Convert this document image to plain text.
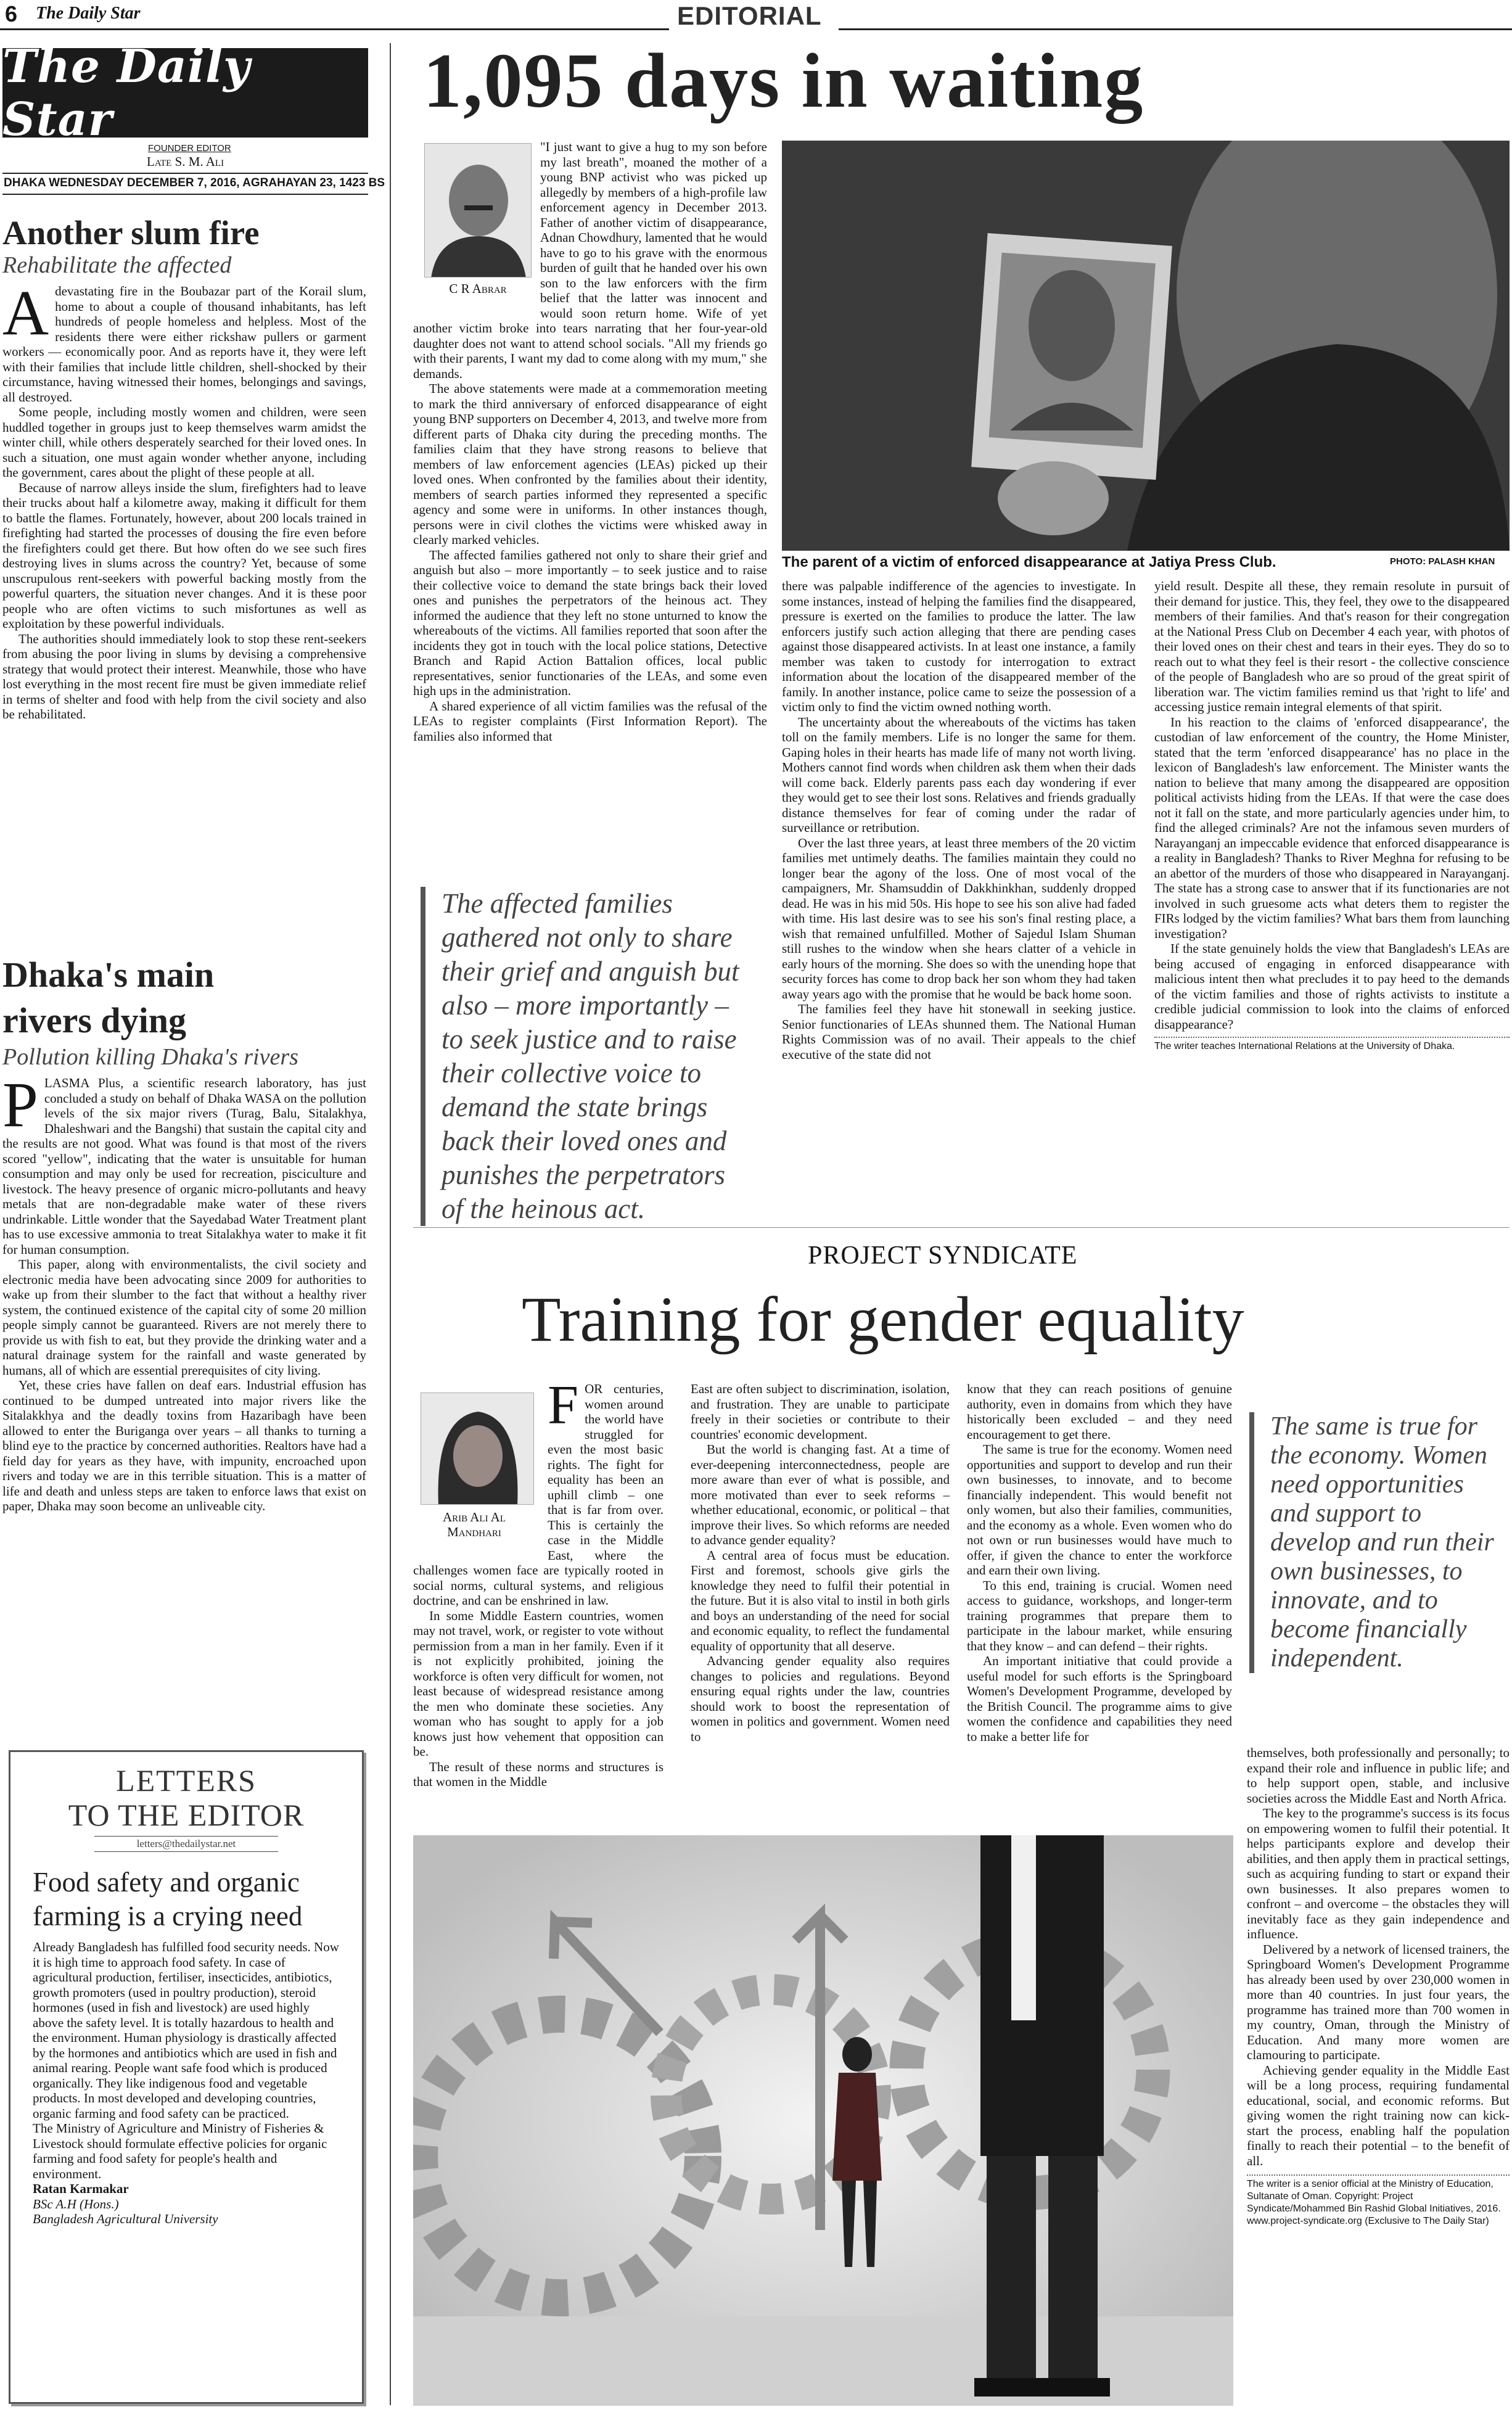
6 The Daily Star	EDITORIAL
The Daily Star
FOUNDER EDITOR
Late S. M. Ali
DHAKA WEDNESDAY DECEMBER 7, 2016, AGRAHAYAN 23, 1423 BS
Another slum fire
Rehabilitate the affected

Adevastating fire in the Boubazar part of the Korail slum, home to about a couple of thousand inhabitants, has left hundreds of people homeless and helpless. Most of the residents there were either rickshaw pullers or garment workers — economically poor. And as reports have it, they were left with their families that include little children, shell-shocked by their circumstance, having witnessed their homes, belongings and savings, all destroyed.

Some people, including mostly women and children, were seen huddled together in groups just to keep themselves warm amidst the winter chill, while others desperately searched for their loved ones. In such a situation, one must again wonder whether anyone, including the government, cares about the plight of these people at all.

Because of narrow alleys inside the slum, firefighters had to leave their trucks about half a kilometre away, making it difficult for them to battle the flames. Fortunately, however, about 200 locals trained in firefighting had started the processes of dousing the fire even before the firefighters could get there. But how often do we see such fires destroying lives in slums across the country? Yet, because of some unscrupulous rent-seekers with powerful backing mostly from the powerful quarters, the situation never changes. And it is these poor people who are often victims to such misfortunes as well as exploitation by these powerful individuals.

The authorities should immediately look to stop these rent-seekers from abusing the poor living in slums by devising a comprehensive strategy that would protect their interest. Meanwhile, those who have lost everything in the most recent fire must be given immediate relief in terms of shelter and food with help from the civil society and also be rehabilitated.

Dhaka's main rivers dying
Pollution killing Dhaka's rivers

PLASMA Plus, a scientific research laboratory, has just concluded a study on behalf of Dhaka WASA on the pollution levels of the six major rivers (Turag, Balu, Sitalakhya, Dhaleshwari and the Bangshi) that sustain the capital city and the results are not good. What was found is that most of the rivers scored "yellow", indicating that the water is unsuitable for human consumption and may only be used for recreation, pisciculture and livestock. The heavy presence of organic micro-pollutants and heavy metals that are non-degradable make water of these rivers undrinkable. Little wonder that the Sayedabad Water Treatment plant has to use excessive ammonia to treat Sitalakhya water to make it fit for human consumption.

This paper, along with environmentalists, the civil society and electronic media have been advocating since 2009 for authorities to wake up from their slumber to the fact that without a healthy river system, the continued existence of the capital city of some 20 million people simply cannot be guaranteed. Rivers are not merely there to provide us with fish to eat, but they provide the drinking water and a natural drainage system for the rainfall and waste generated by humans, all of which are essential prerequisites of city living.

Yet, these cries have fallen on deaf ears. Industrial effusion has continued to be dumped untreated into major rivers like the Sitalakkhya and the deadly toxins from Hazaribagh have been allowed to enter the Buriganga over years – all thanks to turning a blind eye to the practice by concerned authorities. Realtors have had a field day for years as they have, with impunity, encroached upon rivers and today we are in this terrible situation. This is a matter of life and death and unless steps are taken to enforce laws that exist on paper, Dhaka may soon become an unliveable city.

LETTERS
TO THE EDITOR
letters@thedailystar.net
Food safety and organic farming is a crying need

Already Bangladesh has fulfilled food security needs. Now it is high time to approach food safety. In case of agricultural production, fertiliser, insecticides, antibiotics, growth promoters (used in poultry production), steroid hormones (used in fish and livestock) are used highly above the safety level. It is totally hazardous to health and the environment. Human physiology is drastically affected by the hormones and antibiotics which are used in fish and animal rearing. People want safe food which is produced organically. They like indigenous food and vegetable products. In most developed and developing countries, organic farming and food safety can be practiced.

The Ministry of Agriculture and Ministry of Fisheries & Livestock should formulate effective policies for organic farming and food safety for people's health and environment.

Ratan Karmakar
BSc A.H (Hons.)
Bangladesh Agricultural University
1,095 days in waiting
C R Abrar

"I just want to give a hug to my son before my last breath", moaned the mother of a young BNP activist who was picked up allegedly by members of a high-profile law enforcement agency in December 2013. Father of another victim of disappearance, Adnan Chowdhury, lamented that he would have to go to his grave with the enormous burden of guilt that he handed over his own son to the law enforcers with the firm belief that the latter was innocent and would soon return home. Wife of yet another victim broke into tears narrating that her four-year-old daughter does not want to attend school socials. "All my friends go with their parents, I want my dad to come along with my mum," she demands.

The above statements were made at a commemoration meeting to mark the third anniversary of enforced disappearance of eight young BNP supporters on December 4, 2013, and twelve more from different parts of Dhaka city during the preceding months. The families claim that they have strong reasons to believe that members of law enforcement agencies (LEAs) picked up their loved ones. When confronted by the families about their identity, members of search parties informed they represented a specific agency and some were in uniforms. In other instances though, persons were in civil clothes the victims were whisked away in clearly marked vehicles.

The affected families gathered not only to share their grief and anguish but also – more importantly – to seek justice and to raise their collective voice to demand the state brings back their loved ones and punishes the perpetrators of the heinous act. They informed the audience that they left no stone unturned to know the whereabouts of the victims. All families reported that soon after the incidents they got in touch with the local police stations, Detective Branch and Rapid Action Battalion offices, local public representatives, senior functionaries of the LEAs, and some even high ups in the administration.

A shared experience of all victim families was the refusal of the LEAs to register complaints (First Information Report). The families also informed that

The affected families gathered not only to share their grief and anguish but also – more importantly – to seek justice and to raise their collective voice to demand the state brings back their loved ones and punishes the perpetrators of the heinous act.
The parent of a victim of enforced disappearance at Jatiya Press Club.	PHOTO: PALASH KHAN

there was palpable indifference of the agencies to investigate. In some instances, instead of helping the families find the disappeared, pressure is exerted on the families to produce the latter. The law enforcers justify such action alleging that there are pending cases against those disappeared activists. In at least one instance, a family member was taken to custody for interrogation to extract information about the location of the disappeared member of the family. In another instance, police came to seize the possession of a victim only to find the victim owned nothing worth.

The uncertainty about the whereabouts of the victims has taken toll on the family members. Life is no longer the same for them. Gaping holes in their hearts has made life of many not worth living. Mothers cannot find words when children ask them when their dads will come back. Elderly parents pass each day wondering if ever they would get to see their lost sons. Relatives and friends gradually distance themselves for fear of coming under the radar of surveillance or retribution.

Over the last three years, at least three members of the 20 victim families met untimely deaths. The families maintain they could no longer bear the agony of the loss. One of most vocal of the campaigners, Mr. Shamsuddin of Dakkhinkhan, suddenly dropped dead. He was in his mid 50s. His hope to see his son alive had faded with time. His last desire was to see his son's final resting place, a wish that remained unfulfilled. Mother of Sajedul Islam Shuman still rushes to the window when she hears clatter of a vehicle in early hours of the morning. She does so with the unending hope that security forces has come to drop back her son whom they had taken away years ago with the promise that he would be back home soon.

The families feel they have hit stonewall in seeking justice. Senior functionaries of LEAs shunned them. The National Human Rights Commission was of no avail. Their appeals to the chief executive of the state did not

yield result. Despite all these, they remain resolute in pursuit of their demand for justice. This, they feel, they owe to the disappeared members of their families. And that's reason for their congregation at the National Press Club on December 4 each year, with photos of their loved ones on their chest and tears in their eyes. They do so to reach out to what they feel is their resort - the collective conscience of the people of Bangladesh who are so proud of the great spirit of liberation war. The victim families remind us that 'right to life' and accessing justice remain integral elements of that spirit.

In his reaction to the claims of 'enforced disappearance', the custodian of law enforcement of the country, the Home Minister, stated that the term 'enforced disappearance' has no place in the lexicon of Bangladesh's law enforcement. The Minister wants the nation to believe that many among the disappeared are opposition political activists hiding from the LEAs. If that were the case does not it fall on the state, and more particularly agencies under him, to find the alleged criminals? Are not the infamous seven murders of Narayanganj an impeccable evidence that enforced disappearance is a reality in Bangladesh? Thanks to River Meghna for refusing to be an abettor of the murders of those who disappeared in Narayanganj. The state has a strong case to answer that if its functionaries are not involved in such gruesome acts what deters them to register the FIRs lodged by the victim families? What bars them from launching investigation?

If the state genuinely holds the view that Bangladesh's LEAs are being accused of engaging in enforced disappearance with malicious intent then what precludes it to pay heed to the demands of the victim families and those of rights activists to institute a credible judicial commission to look into the claims of enforced disappearance?

The writer teaches International Relations at the University of Dhaka.
PROJECT SYNDICATE
Training for gender equality
Arib Ali Al Mandhari

FOR centuries, women around the world have struggled for even the most basic rights. The fight for equality has been an uphill climb – one that is far from over. This is certainly the case in the Middle East, where the challenges women face are typically rooted in social norms, cultural systems, and religious doctrine, and can be enshrined in law.

In some Middle Eastern countries, women may not travel, work, or register to vote without permission from a man in her family. Even if it is not explicitly prohibited, joining the workforce is often very difficult for women, not least because of widespread resistance among the men who dominate these societies. Any woman who has sought to apply for a job knows just how vehement that opposition can be.

The result of these norms and structures is that women in the Middle

East are often subject to discrimination, isolation, and frustration. They are unable to participate freely in their societies or contribute to their countries' economic development.

But the world is changing fast. At a time of ever-deepening interconnectedness, people are more aware than ever of what is possible, and more motivated than ever to seek reforms – whether educational, economic, or political – that improve their lives. So which reforms are needed to advance gender equality?

A central area of focus must be education. First and foremost, schools give girls the knowledge they need to fulfil their potential in the future. But it is also vital to instil in both girls and boys an understanding of the need for social and economic equality, to reflect the fundamental equality of opportunity that all deserve.

Advancing gender equality also requires changes to policies and regulations. Beyond ensuring equal rights under the law, countries should work to boost the representation of women in politics and government. Women need to

know that they can reach positions of genuine authority, even in domains from which they have historically been excluded – and they need encouragement to get there.

The same is true for the economy. Women need opportunities and support to develop and run their own businesses, to innovate, and to become financially independent. This would benefit not only women, but also their families, communities, and the economy as a whole. Even women who do not own or run businesses would have much to offer, if given the chance to enter the workforce and earn their own living.

To this end, training is crucial. Women need access to guidance, workshops, and longer-term training programmes that prepare them to participate in the labour market, while ensuring that they know – and can defend – their rights.

An important initiative that could provide a useful model for such efforts is the Springboard Women's Development Programme, developed by the British Council. The programme aims to give women the confidence and capabilities they need to make a better life for

The same is true for the economy. Women need opportunities and support to develop and run their own businesses, to innovate, and to become financially independent.

themselves, both professionally and personally; to expand their role and influence in public life; and to help support open, stable, and inclusive societies across the Middle East and North Africa.

The key to the programme's success is its focus on empowering women to fulfil their potential. It helps participants explore and develop their abilities, and then apply them in practical settings, such as acquiring funding to start or expand their own businesses. It also prepares women to confront – and overcome – the obstacles they will inevitably face as they gain independence and influence.

Delivered by a network of licensed trainers, the Springboard Women's Development Programme has already been used by over 230,000 women in more than 40 countries. In just four years, the programme has trained more than 700 women in my country, Oman, through the Ministry of Education. And many more women are clamouring to participate.

Achieving gender equality in the Middle East will be a long process, requiring fundamental educational, social, and economic reforms. But giving women the right training now can kick-start the process, enabling half the population finally to reach their potential – to the benefit of all.

The writer is a senior official at the Ministry of Education, Sultanate of Oman. Copyright: Project Syndicate/Mohammed Bin Rashid Global Initiatives, 2016. www.project-syndicate.org (Exclusive to The Daily Star)
